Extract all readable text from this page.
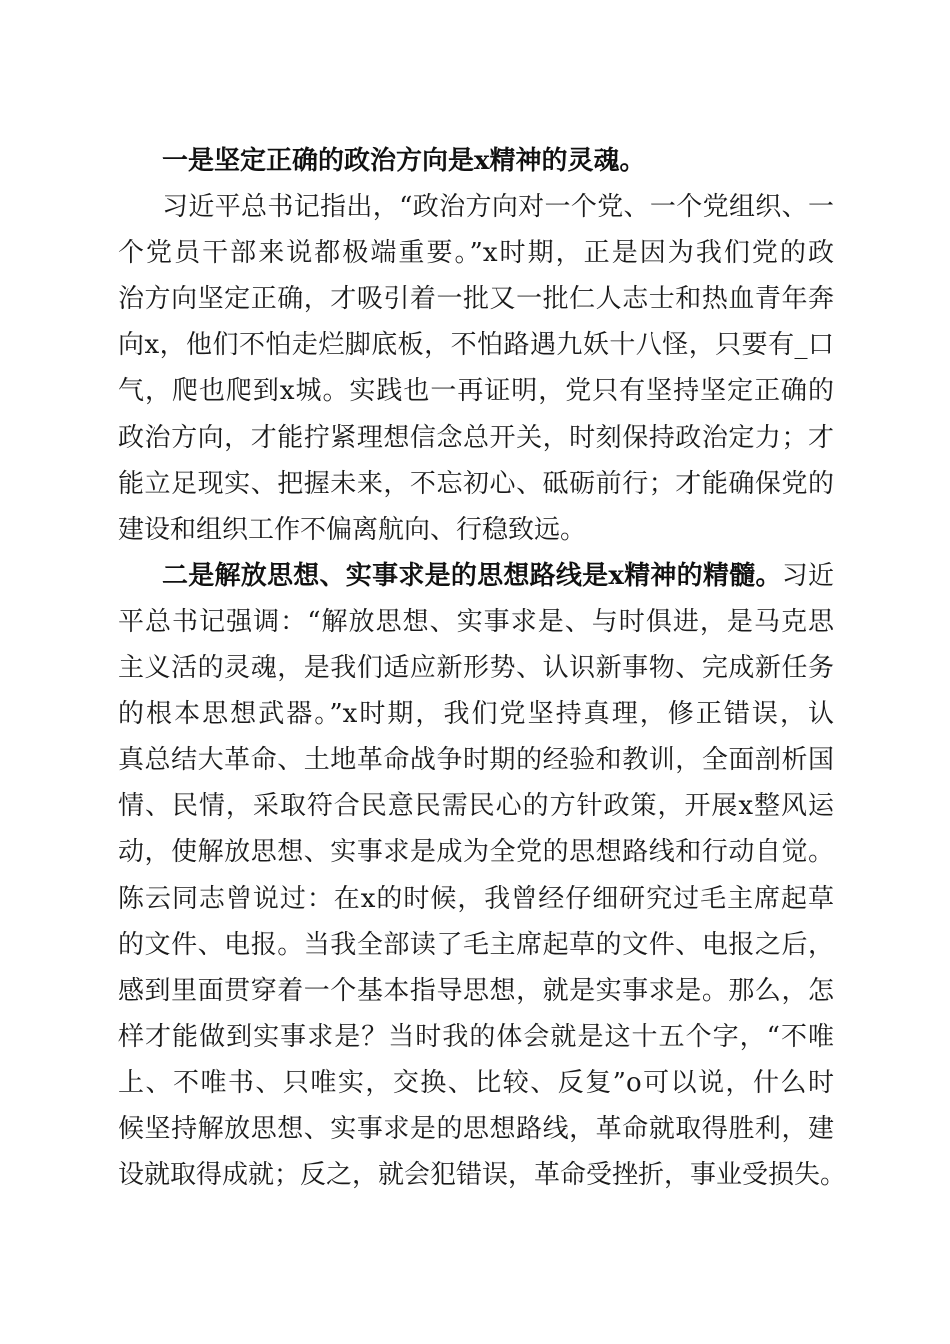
一是坚定正确的政治方向是x精神的灵魂。
习近平总书记指出，“政治方向对一个党、一个党组织、一
个党员干部来说都极端重要。”x时期，正是因为我们党的政
治方向坚定正确，才吸引着一批又一批仁人志士和热血青年奔
向x，他们不怕走烂脚底板，不怕路遇九妖十八怪，只要有_口
气，爬也爬到x城。实践也一再证明，党只有坚持坚定正确的
政治方向，才能拧紧理想信念总开关，时刻保持政治定力；才
能立足现实、把握未来，不忘初心、砥砺前行；才能确保党的
建设和组织工作不偏离航向、行稳致远。
二是解放思想、实事求是的思想路线是x精神的精髓。习近
平总书记强调：“解放思想、实事求是、与时俱进，是马克思
主义活的灵魂，是我们适应新形势、认识新事物、完成新任务
的根本思想武器。”x时期，我们党坚持真理，修正错误，认
真总结大革命、土地革命战争时期的经验和教训，全面剖析国
情、民情，采取符合民意民需民心的方针政策，开展x整风运
动，使解放思想、实事求是成为全党的思想路线和行动自觉。
陈云同志曾说过：在x的时候，我曾经仔细研究过毛主席起草
的文件、电报。当我全部读了毛主席起草的文件、电报之后，
感到里面贯穿着一个基本指导思想，就是实事求是。那么，怎
样才能做到实事求是？当时我的体会就是这十五个字，“不唯
上、不唯书、只唯实，交换、比较、反复”o可以说，什么时
候坚持解放思想、实事求是的思想路线，革命就取得胜利，建
设就取得成就；反之，就会犯错误，革命受挫折，事业受损失。
